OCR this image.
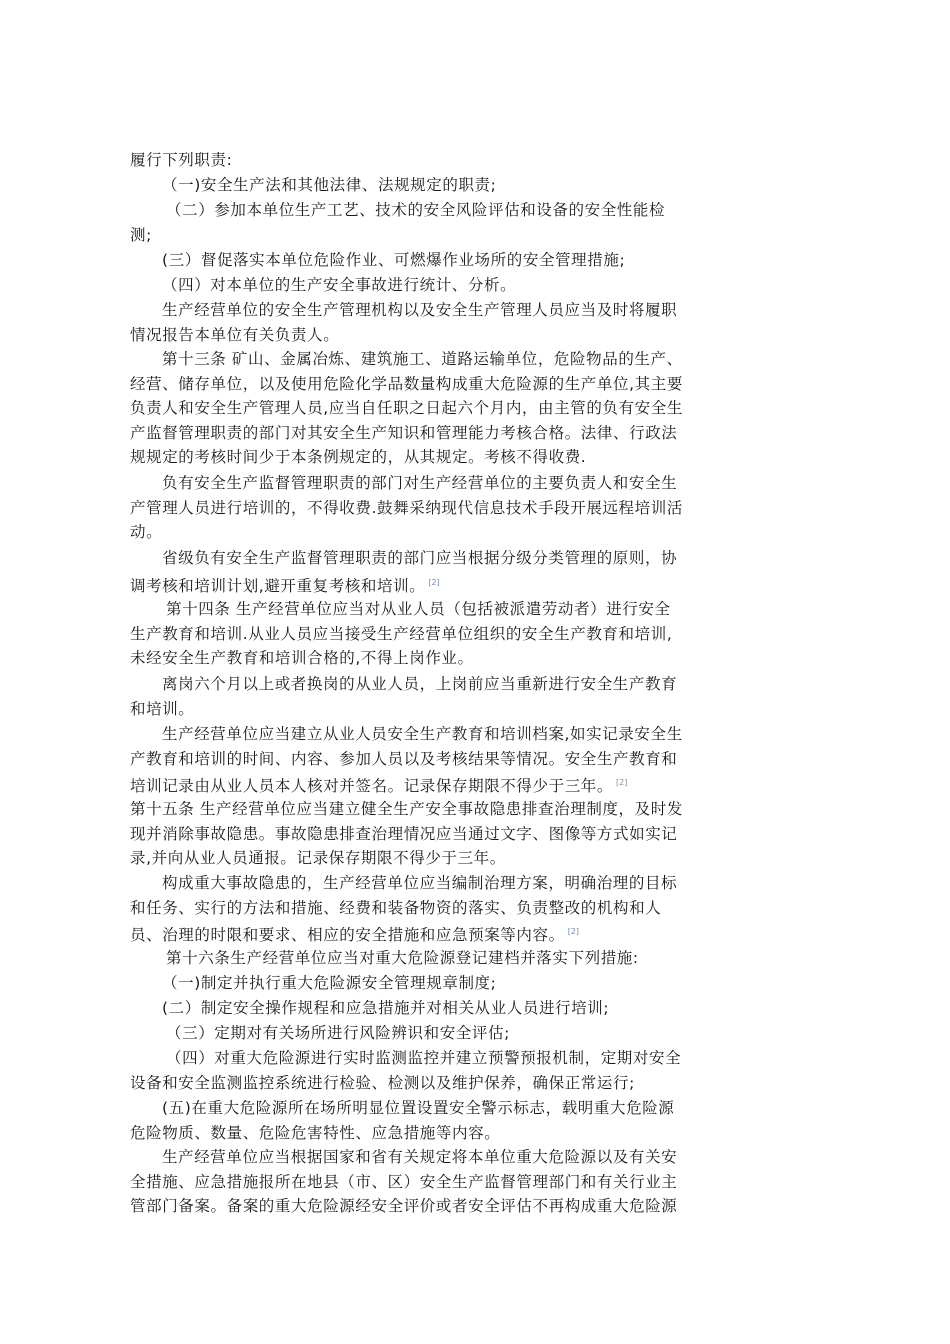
履行下列职责:
（一)安全生产法和其他法律、法规规定的职责;
（二）参加本单位生产工艺、技术的安全风险评估和设备的安全性能检
测;
(三）督促落实本单位危险作业、可燃爆作业场所的安全管理措施;
（四）对本单位的生产安全事故进行统计、分析。
生产经营单位的安全生产管理机构以及安全生产管理人员应当及时将履职
情况报告本单位有关负责人。
第十三条 矿山、金属冶炼、建筑施工、道路运输单位，危险物品的生产、
经营、储存单位，以及使用危险化学品数量构成重大危险源的生产单位,其主要
负责人和安全生产管理人员,应当自任职之日起六个月内，由主管的负有安全生
产监督管理职责的部门对其安全生产知识和管理能力考核合格。法律、行政法
规规定的考核时间少于本条例规定的，从其规定。考核不得收费.
负有安全生产监督管理职责的部门对生产经营单位的主要负责人和安全生
产管理人员进行培训的，不得收费.鼓舞采纳现代信息技术手段开展远程培训活
动。
省级负有安全生产监督管理职责的部门应当根据分级分类管理的原则，协
调考核和培训计划,避开重复考核和培训。 [2]
第十四条 生产经营单位应当对从业人员（包括被派遣劳动者）进行安全
生产教育和培训.从业人员应当接受生产经营单位组织的安全生产教育和培训,
未经安全生产教育和培训合格的,不得上岗作业。
离岗六个月以上或者换岗的从业人员，上岗前应当重新进行安全生产教育
和培训。
生产经营单位应当建立从业人员安全生产教育和培训档案,如实记录安全生
产教育和培训的时间、内容、参加人员以及考核结果等情况。安全生产教育和
培训记录由从业人员本人核对并签名。记录保存期限不得少于三年。 [2]
第十五条 生产经营单位应当建立健全生产安全事故隐患排查治理制度，及时发
现并消除事故隐患。事故隐患排查治理情况应当通过文字、图像等方式如实记
录,并向从业人员通报。记录保存期限不得少于三年。
构成重大事故隐患的，生产经营单位应当编制治理方案，明确治理的目标
和任务、实行的方法和措施、经费和装备物资的落实、负责整改的机构和人
员、治理的时限和要求、相应的安全措施和应急预案等内容。 [2]
第十六条生产经营单位应当对重大危险源登记建档并落实下列措施:
（一)制定并执行重大危险源安全管理规章制度;
(二）制定安全操作规程和应急措施并对相关从业人员进行培训;
（三）定期对有关场所进行风险辨识和安全评估;
（四）对重大危险源进行实时监测监控并建立预警预报机制，定期对安全
设备和安全监测监控系统进行检验、检测以及维护保养，确保正常运行;
(五)在重大危险源所在场所明显位置设置安全警示标志，载明重大危险源
危险物质、数量、危险危害特性、应急措施等内容。
生产经营单位应当根据国家和省有关规定将本单位重大危险源以及有关安
全措施、应急措施报所在地县（市、区）安全生产监督管理部门和有关行业主
管部门备案。备案的重大危险源经安全评价或者安全评估不再构成重大危险源
